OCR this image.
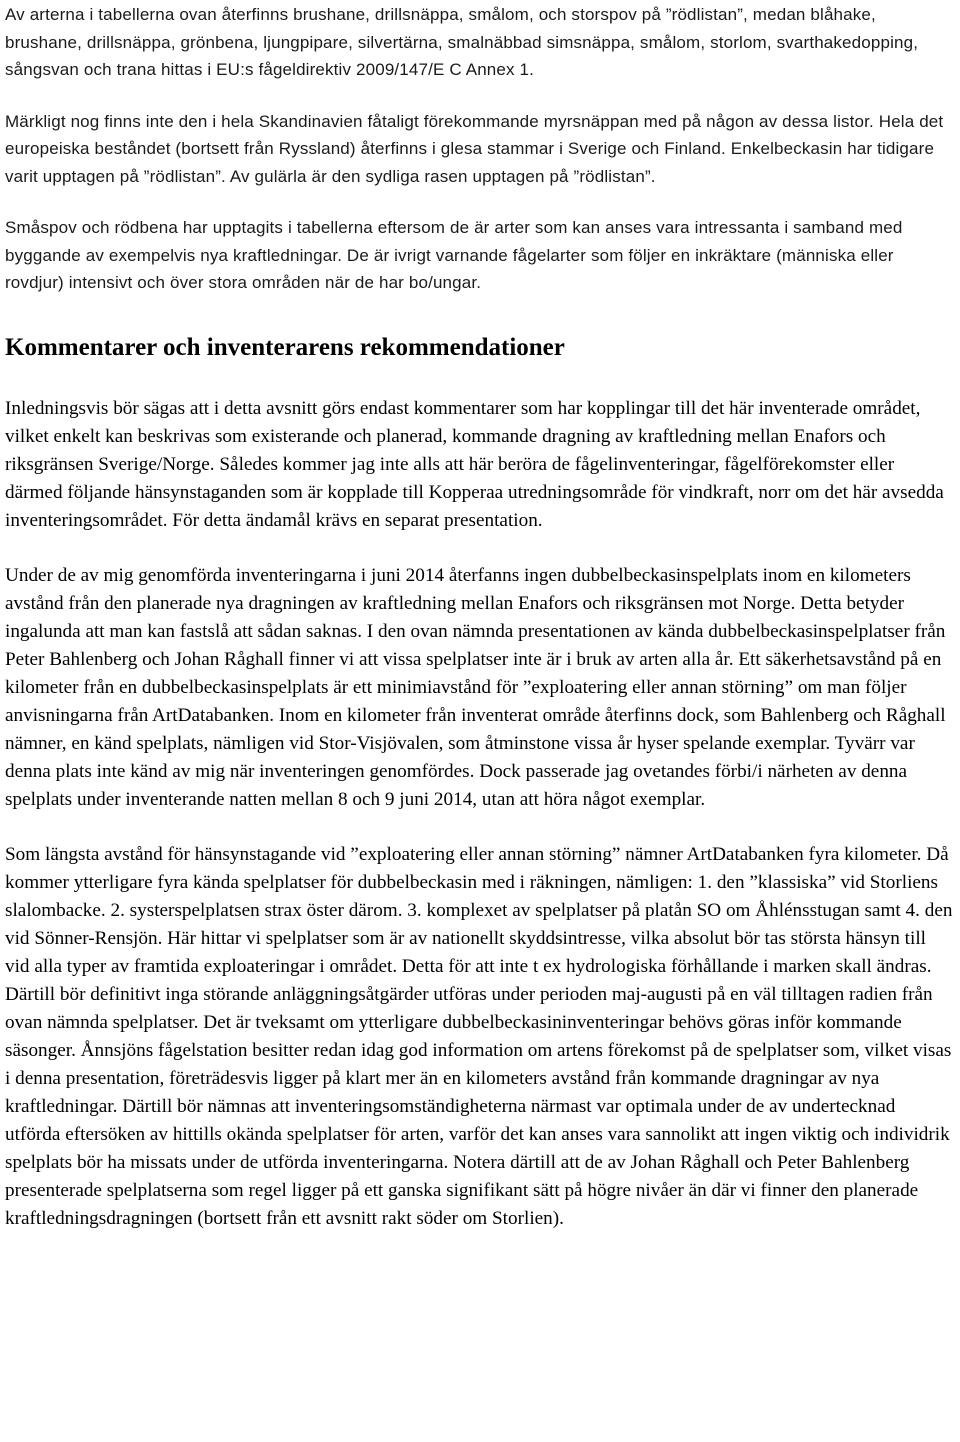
Av arterna i tabellerna ovan återfinns brushane, drillsnäppa, smålom, och storspov på ”rödlistan”, medan blåhake, brushane, drillsnäppa, grönbena, ljungpipare, silvertärna, smalnäbbad simsnäppa, smålom, storlom, svarthakedopping, sångsvan och trana hittas i EU:s fågeldirektiv 2009/147/E C Annex 1.

Märkligt nog finns inte den i hela Skandinavien fåtaligt förekommande myrsnäppan med på någon av dessa listor. Hela det europeiska beståndet (bortsett från Ryssland) återfinns i glesa stammar i Sverige och Finland. Enkelbeckasin har tidigare varit upptagen på ”rödlistan”. Av gulärla är den sydliga rasen upptagen på ”rödlistan”.

Småspov och rödbena har upptagits i tabellerna eftersom de är arter som kan anses vara intressanta i samband med byggande av exempelvis nya kraftledningar. De är ivrigt varnande fågelarter som följer en inkräktare (människa eller rovdjur) intensivt och över stora områden när de har bo/ungar.

Kommentarer och inventerarens rekommendationer

Inledningsvis bör sägas att i detta avsnitt görs endast kommentarer som har kopplingar till det här inventerade området, vilket enkelt kan beskrivas som existerande och planerad, kommande dragning av kraftledning mellan Enafors och riksgränsen Sverige/Norge. Således kommer jag inte alls att här beröra de fågelinventeringar, fågelförekomster eller därmed följande hänsynstaganden som är kopplade till Kopperaa utredningsområde för vindkraft, norr om det här avsedda inventeringsområdet. För detta ändamål krävs en separat presentation.

Under de av mig genomförda inventeringarna i juni 2014 återfanns ingen dubbelbeckasinspelplats inom en kilometers avstånd från den planerade nya dragningen av kraftledning mellan Enafors och riksgränsen mot Norge. Detta betyder ingalunda att man kan fastslå att sådan saknas. I den ovan nämnda presentationen av kända dubbelbeckasinspelplatser från Peter Bahlenberg och Johan Råghall finner vi att vissa spelplatser inte är i bruk av arten alla år. Ett säkerhetsavstånd på en kilometer från en dubbelbeckasinspelplats är ett minimiavstånd för ”exploatering eller annan störning” om man följer anvisningarna från ArtDatabanken. Inom en kilometer från inventerat område återfinns dock, som Bahlenberg och Råghall nämner, en känd spelplats, nämligen vid Stor-Visjövalen, som åtminstone vissa år hyser spelande exemplar. Tyvärr var denna plats inte känd av mig när inventeringen genomfördes. Dock passerade jag ovetandes förbi/i närheten av denna spelplats under inventerande natten mellan 8 och 9 juni 2014, utan att höra något exemplar.

Som längsta avstånd för hänsynstagande vid ”exploatering eller annan störning” nämner ArtDatabanken fyra kilometer. Då kommer ytterligare fyra kända spelplatser för dubbelbeckasin med i räkningen, nämligen: 1. den ”klassiska” vid Storliens slalombacke. 2. systerspelplatsen strax öster därom. 3. komplexet av spelplatser på platån SO om Åhlénsstugan samt 4. den vid Sönner-Rensjön. Här hittar vi spelplatser som är av nationellt skyddsintresse, vilka absolut bör tas största hänsyn till vid alla typer av framtida exploateringar i området. Detta för att inte t ex hydrologiska förhållande i marken skall ändras. Därtill bör definitivt inga störande anläggningsåtgärder utföras under perioden maj-augusti på en väl tilltagen radien från ovan nämnda spelplatser. Det är tveksamt om ytterligare dubbelbeckasininventeringar behövs göras inför kommande säsonger. Ånnsjöns fågelstation besitter redan idag god information om artens förekomst på de spelplatser som, vilket visas i denna presentation, företrädesvis ligger på klart mer än en kilometers avstånd från kommande dragningar av nya kraftledningar. Därtill bör nämnas att inventeringsomständigheterna närmast var optimala under de av undertecknad utförda eftersöken av hittills okända spelplatser för arten, varför det kan anses vara sannolikt att ingen viktig och individrik spelplats bör ha missats under de utförda inventeringarna. Notera därtill att de av Johan Råghall och Peter Bahlenberg presenterade spelplatserna som regel ligger på ett ganska signifikant sätt på högre nivåer än där vi finner den planerade kraftledningsdragningen (bortsett från ett avsnitt rakt söder om Storlien).
